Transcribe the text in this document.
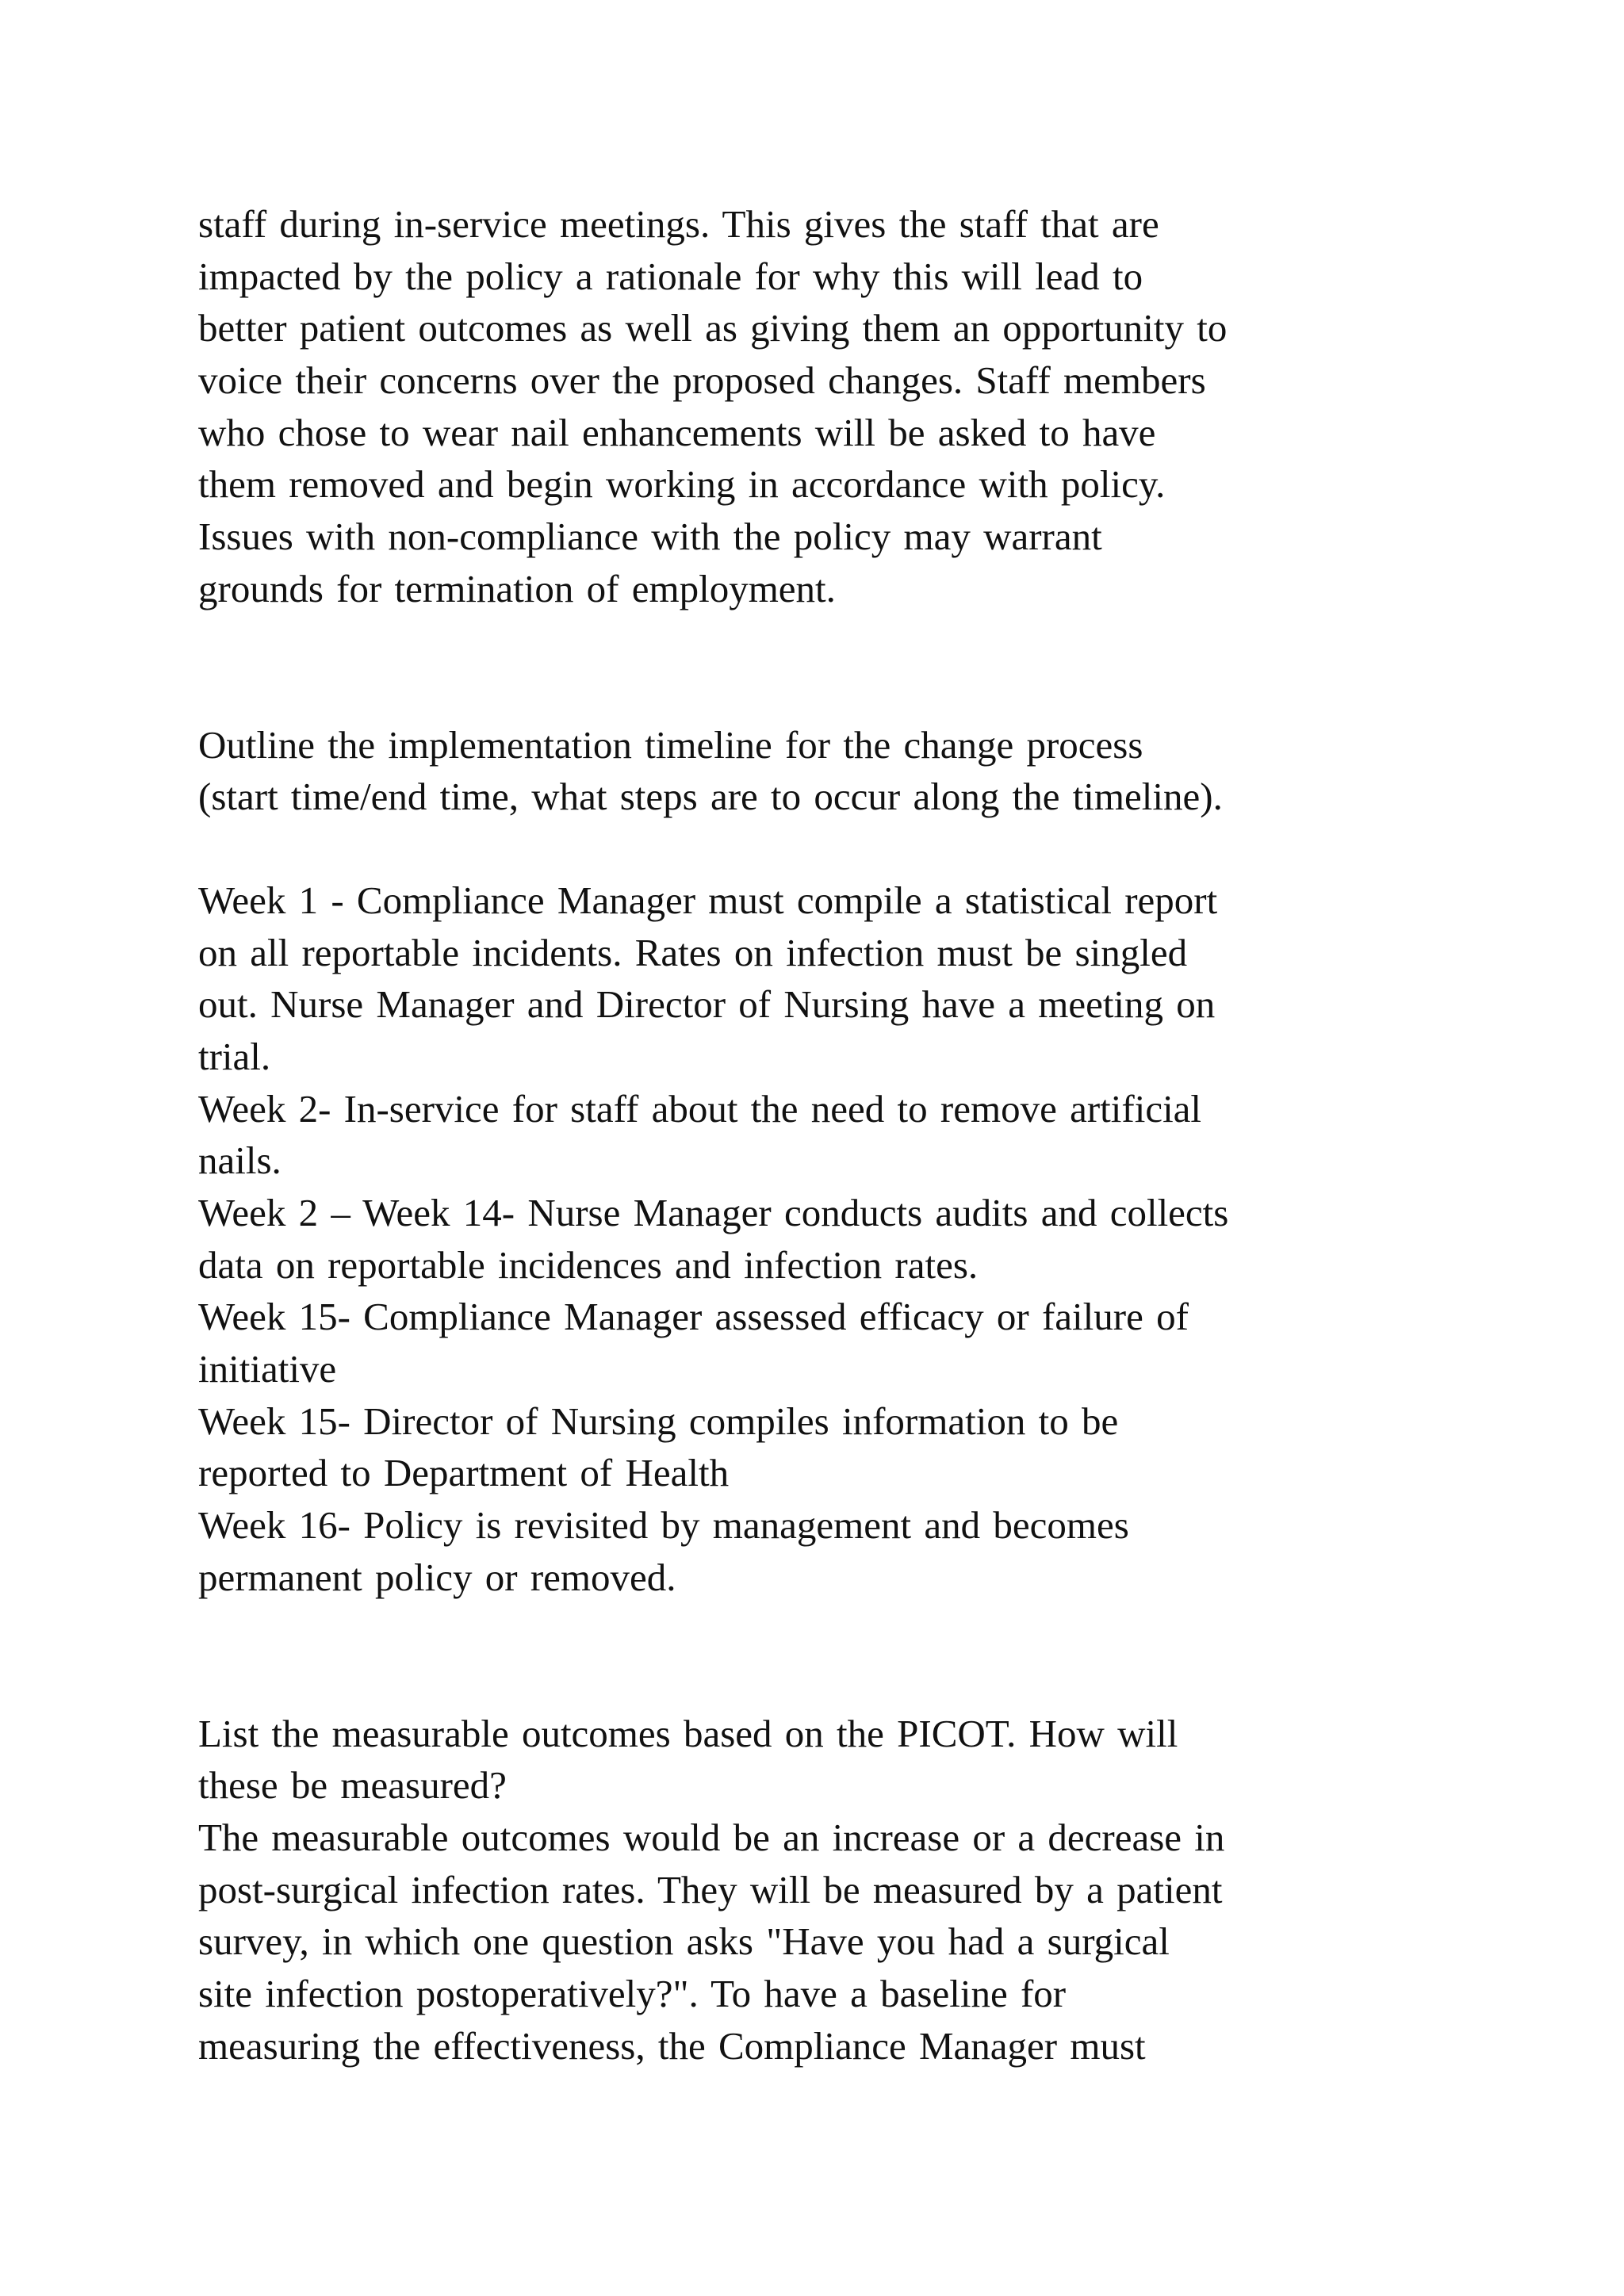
staff during in-service meetings. This gives the staff that are
impacted by the policy a rationale for why this will lead to
better patient outcomes as well as giving them an opportunity to
voice their concerns over the proposed changes. Staff members
who chose to wear nail enhancements will be asked to have
them removed and begin working in accordance with policy.
Issues with non-compliance with the policy may warrant
grounds for termination of employment.
Outline the implementation timeline for the change process
(start time/end time, what steps are to occur along the timeline).
Week 1 - Compliance Manager must compile a statistical report
on all reportable incidents. Rates on infection must be singled
out. Nurse Manager and Director of Nursing have a meeting on
trial.
Week 2- In-service for staff about the need to remove artificial
nails.
Week 2 – Week 14- Nurse Manager conducts audits and collects
data on reportable incidences and infection rates.
Week 15- Compliance Manager assessed efficacy or failure of
initiative
Week 15- Director of Nursing compiles information to be
reported to Department of Health
Week 16- Policy is revisited by management and becomes
permanent policy or removed.
List the measurable outcomes based on the PICOT. How will
these be measured?
The measurable outcomes would be an increase or a decrease in
post-surgical infection rates. They will be measured by a patient
survey, in which one question asks "Have you had a surgical
site infection postoperatively?". To have a baseline for
measuring the effectiveness, the Compliance Manager must
